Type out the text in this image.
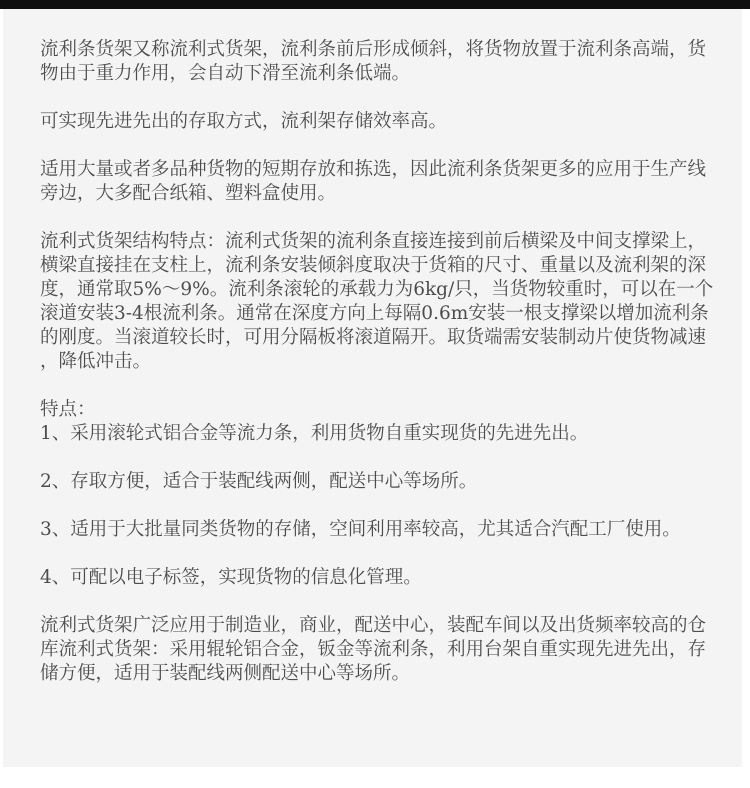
流利条货架又称流利式货架，流利条前后形成倾斜，将货物放置于流利条高端，货
物由于重力作用，会自动下滑至流利条低端。
可实现先进先出的存取方式，流利架存储效率高。
适用大量或者多品种货物的短期存放和拣选，因此流利条货架更多的应用于生产线
旁边，大多配合纸箱、塑料盒使用。
流利式货架结构特点：流利式货架的流利条直接连接到前后横梁及中间支撑梁上，
横梁直接挂在支柱上，流利条安装倾斜度取决于货箱的尺寸、重量以及流利架的深
度，通常取5%～9%。流利条滚轮的承载力为6kg/只，当货物较重时，可以在一个
滚道安装3-4根流利条。通常在深度方向上每隔0.6m安装一根支撑梁以增加流利条
的刚度。当滚道较长时，可用分隔板将滚道隔开。取货端需安装制动片使货物减速
，降低冲击。
特点：
1、采用滚轮式铝合金等流力条，利用货物自重实现货的先进先出。
2、存取方便，适合于装配线两侧，配送中心等场所。
3、适用于大批量同类货物的存储，空间利用率较高，尤其适合汽配工厂使用。
4、可配以电子标签，实现货物的信息化管理。
流利式货架广泛应用于制造业，商业，配送中心，装配车间以及出货频率较高的仓
库流利式货架：采用辊轮铝合金，钣金等流利条，利用台架自重实现先进先出，存
储方便，适用于装配线两侧配送中心等场所。
